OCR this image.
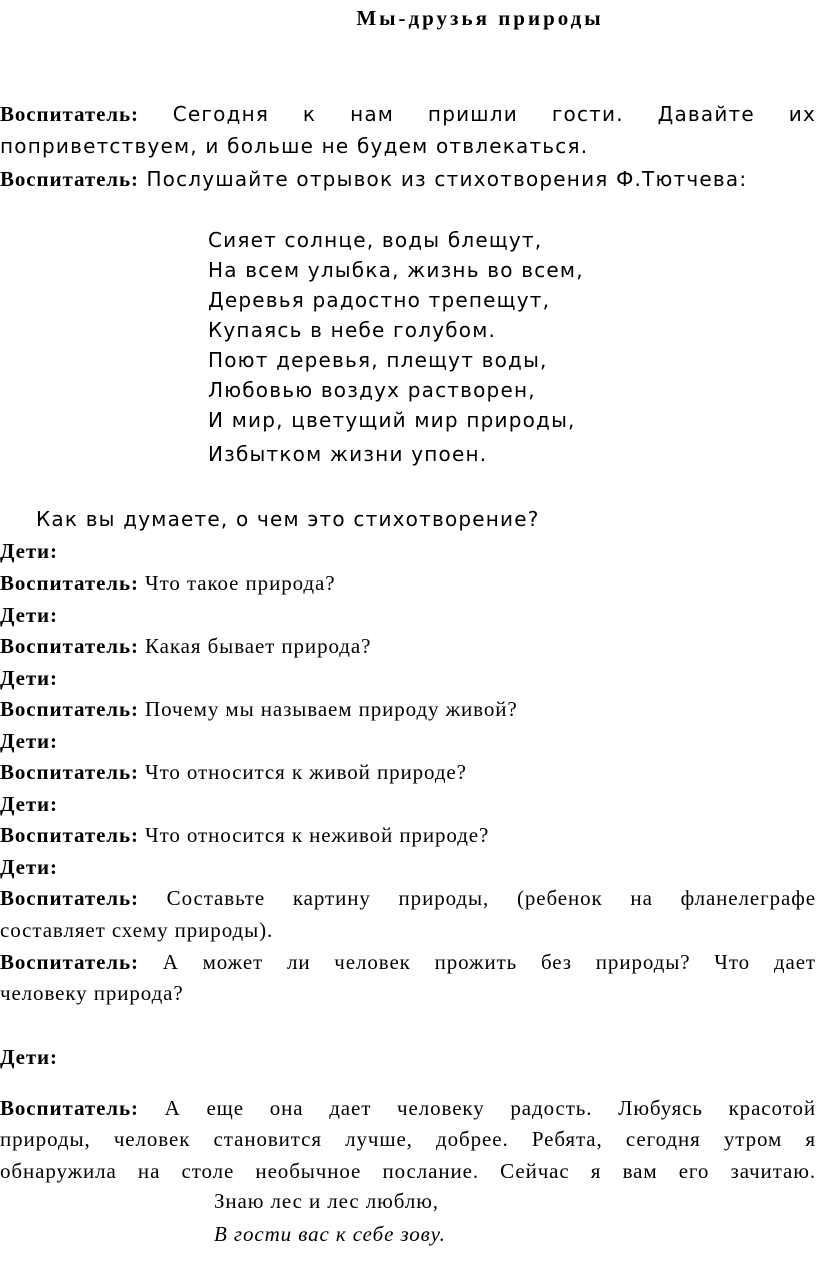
Мы-друзья природы
Воспитатель: Сегодня к нам пришли гости. Давайте их
поприветствуем, и больше не будем отвлекаться.
Воспитатель: Послушайте отрывок из стихотворения Ф.Тютчева:
Сияет солнце, воды блещут,
На всем улыбка, жизнь во всем,
Деревья радостно трепещут,
Купаясь в небе голубом.
Поют деревья, плещут воды,
Любовью воздух растворен,
И мир, цветущий мир природы,
Избытком жизни упоен.
Как вы думаете, о чем это стихотворение?
Дети:
Воспитатель: Что такое природа?
Дети:
Воспитатель: Какая бывает природа?
Дети:
Воспитатель: Почему мы называем природу живой?
Дети:
Воспитатель: Что относится к живой природе?
Дети:
Воспитатель: Что относится к неживой природе?
Дети:
Воспитатель: Составьте картину природы, (ребенок на фланелеграфе
составляет схему природы).
Воспитатель: А может ли человек прожить без природы? Что дает
человеку природа?
Дети:
Воспитатель: А еще она дает человеку радость. Любуясь красотой
природы, человек становится лучше, добрее. Ребята, сегодня утром я
обнаружила на столе необычное послание. Сейчас я вам его зачитаю.
Знаю лес и лес люблю,
В гости вас к себе зову.
